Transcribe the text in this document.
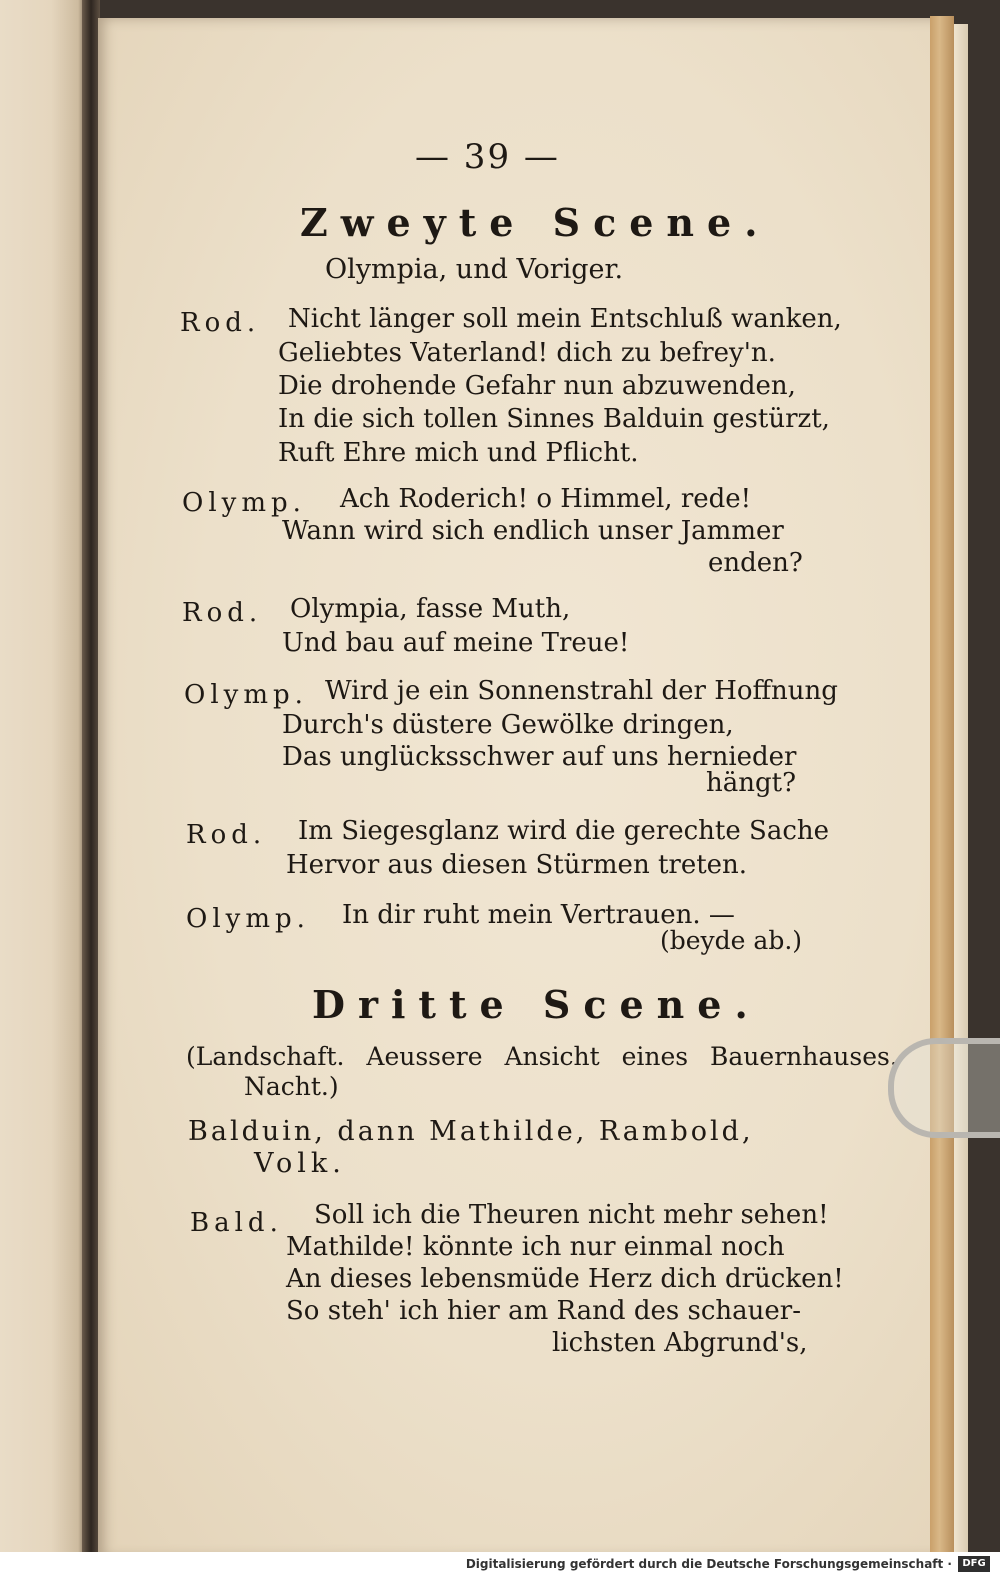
— 39 —
Zweyte Scene.
Olympia, und Voriger.
Rod. Nicht länger soll mein Entschluß wanken,
Geliebtes Vaterland! dich zu befrey'n.
Die drohende Gefahr nun abzuwenden,
In die sich tollen Sinnes Balduin gestürzt,
Ruft Ehre mich und Pflicht.
Olymp. Ach Roderich! o Himmel, rede!
Wann wird sich endlich unser Jammer
enden?
Rod. Olympia, fasse Muth,
Und bau auf meine Treue!
Olymp. Wird je ein Sonnenstrahl der Hoffnung
Durch's düstere Gewölke dringen,
Das unglücksschwer auf uns hernieder
hängt?
Rod. Im Siegesglanz wird die gerechte Sache
Hervor aus diesen Stürmen treten.
Olymp. In dir ruht mein Vertrauen. —
(beyde ab.)
Dritte Scene.
(Landschaft. Aeussere Ansicht eines Bauernhauses.
Nacht.)
Balduin, dann Mathilde, Rambold,
Volk.
Bald. Soll ich die Theuren nicht mehr sehen!
Mathilde! könnte ich nur einmal noch
An dieses lebensmüde Herz dich drücken!
So steh' ich hier am Rand des schauer-
lichsten Abgrund's,
Digitalisierung gefördert durch die Deutsche Forschungsgemeinschaft ·	DFG
